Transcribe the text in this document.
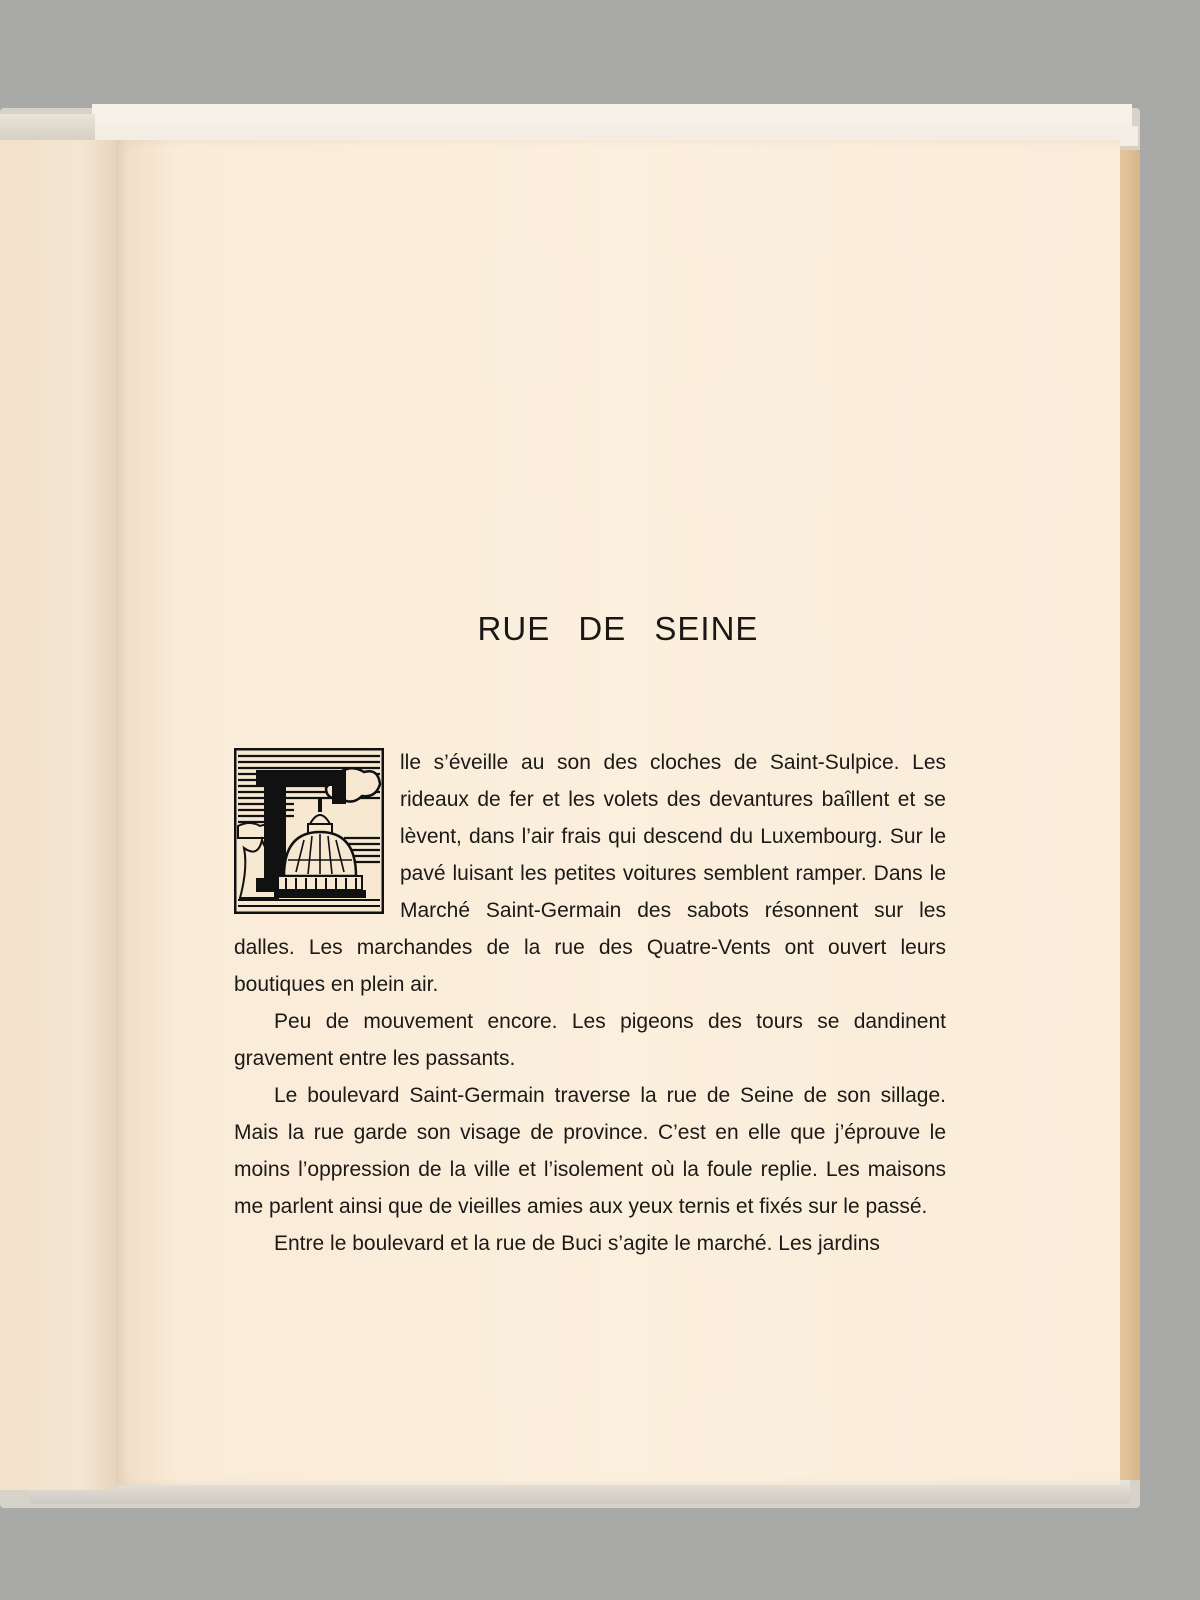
RUE DE SEINE

lle s’éveille au son des cloches de Saint-Sulpice. Les rideaux de fer et les volets des devantures baîllent et se lèvent, dans l’air frais qui descend du Luxembourg. Sur le pavé luisant les petites voitures semblent ramper. Dans le Marché Saint-Germain des sabots résonnent sur les dalles. Les marchandes de la rue des Quatre-Vents ont ouvert leurs boutiques en plein air.

Peu de mouvement encore. Les pigeons des tours se dandinent gravement entre les passants.

Le boulevard Saint-Germain traverse la rue de Seine de son sillage. Mais la rue garde son visage de province. C’est en elle que j’éprouve le moins l’oppression de la ville et l’isolement où la foule replie. Les maisons me parlent ainsi que de vieilles amies aux yeux ternis et fixés sur le passé.

Entre le boulevard et la rue de Buci s’agite le marché. Les jardins
